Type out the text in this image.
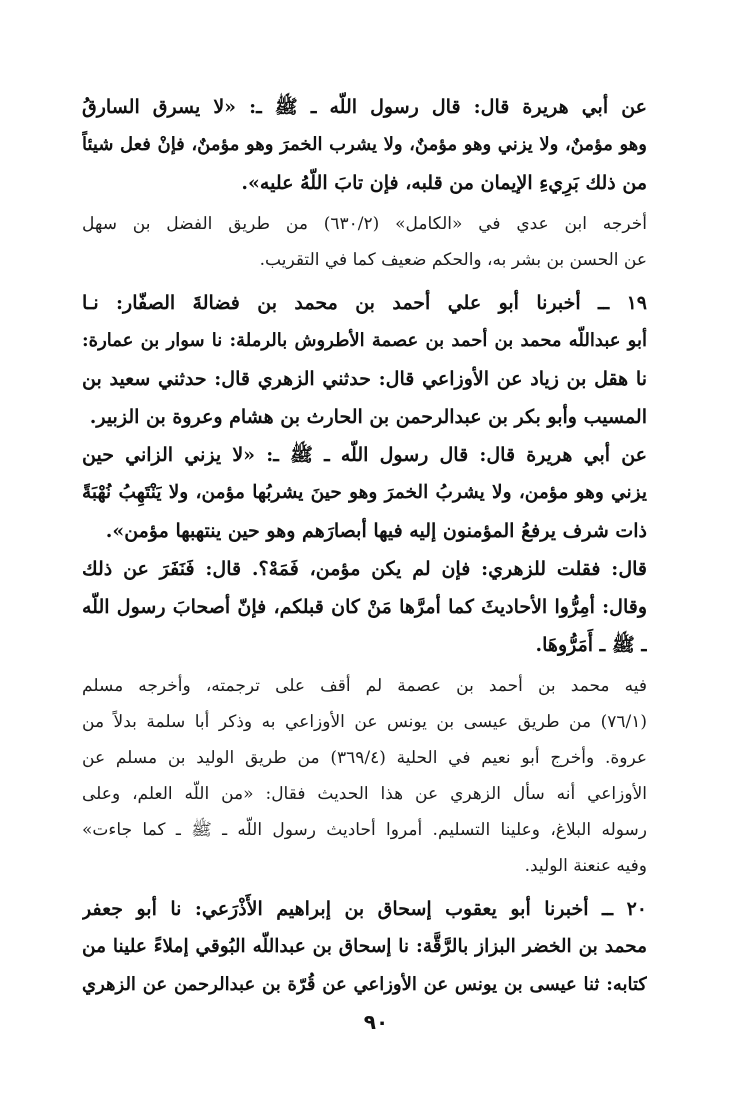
عن أبي هريرة قال: قال رسول اللّه ـ ﷺ ـ: «لا يسرق السارقُ
وهو مؤمنٌ، ولا يزني وهو مؤمنٌ، ولا يشرب الخمرَ وهو مؤمنٌ، فإنْ فعل شيئاً
من ذلك بَرِيءِ الإيمان من قلبه، فإن تابَ اللّهُ عليه».
أخرجه ابن عدي في «الكامل» (٦٣٠/٢) من طريق الفضل بن سهل
عن الحسن بن بشر به، والحكم ضعيف كما في التقريب.
١٩ ــ أخبرنا أبو علي أحمد بن محمد بن فضالةَ الصفّار: نـا
أبو عبداللّه محمد بن أحمد بن عصمة الأطروش بالرملة: نا سوار بن عمارة:
نا هقل بن زياد عن الأوزاعي قال: حدثني الزهري قال: حدثني سعيد بن
المسيب وأبو بكر بن عبدالرحمن بن الحارث بن هشام وعروة بن الزبير.
عن أبي هريرة قال: قال رسول اللّه ـ ﷺ ـ: «لا يزني الزاني حين
يزني وهو مؤمن، ولا يشربُ الخمرَ وهو حينَ يشربُها مؤمن، ولا يَنْتَهِبُ نُهْبَةً
ذات شرف يرفعُ المؤمنون إليه فيها أبصارَهم وهو حين ينتهبها مؤمن».
قال: فقلت للزهري: فإن لم يكن مؤمن، فَمَهْ؟. قال: فَنَفَرَ عن ذلك
وقال: أمِرُّوا الأحاديثَ كما أمرَّها مَنْ كان قبلكم، فإنّ أصحابَ رسول اللّه
ـ ﷺ ـ أَمَرُّوهَا.
فيه محمد بن أحمد بن عصمة لم أقف على ترجمته، وأخرجه مسلم
(٧٦/١) من طريق عيسى بن يونس عن الأوزاعي به وذكر أبا سلمة بدلاً من
عروة. وأخرج أبو نعيم في الحلية (٣٦٩/٤) من طريق الوليد بن مسلم عن
الأوزاعي أنه سأل الزهري عن هذا الحديث فقال: «من اللّه العلم، وعلى
رسوله البلاغ، وعلينا التسليم. أمروا أحاديث رسول اللّه ـ ﷺ ـ كما جاءت»
وفيه عنعنة الوليد.
٢٠ ــ أخبرنا أبو يعقوب إسحاق بن إبراهيم الأَذْرَعي: نا أبو جعفر
محمد بن الخضر البزاز بالرَّقَّة: نا إسحاق بن عبداللّه البُوقي إملاءً علينا من
كتابه: ثنا عيسى بن يونس عن الأوزاعي عن قُرّة بن عبدالرحمن عن الزهري
٩٠
